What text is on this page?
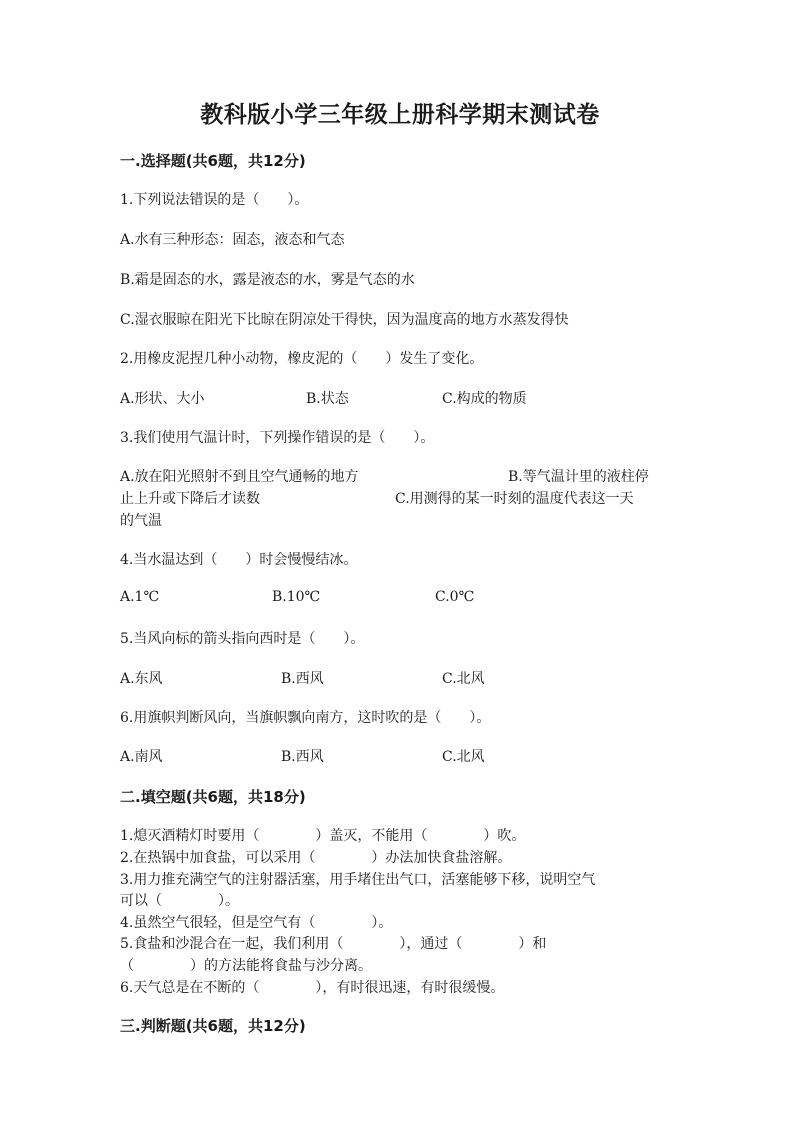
教科版小学三年级上册科学期末测试卷
一.选择题(共6题，共12分)
1.下列说法错误的是（　　）。
A.水有三种形态：固态，液态和气态
B.霜是固态的水，露是液态的水，雾是气态的水
C.湿衣服晾在阳光下比晾在阴凉处干得快，因为温度高的地方水蒸发得快
2.用橡皮泥捏几种小动物，橡皮泥的（　　）发生了变化。
A.形状、大小	B.状态	C.构成的物质
3.我们使用气温计时，下列操作错误的是（　　）。
A.放在阳光照射不到且空气通畅的地方	B.等气温计里的液柱停
止上升或下降后才读数	C.用测得的某一时刻的温度代表这一天
的气温
4.当水温达到（　　）时会慢慢结冰。
A.1℃	B.10℃	C.0℃
5.当风向标的箭头指向西时是（　　）。
A.东风	B.西风	C.北风
6.用旗帜判断风向，当旗帜飘向南方，这时吹的是（　　）。
A.南风	B.西风	C.北风
二.填空题(共6题，共18分)
1.熄灭酒精灯时要用（　　　　）盖灭，不能用（　　　　）吹。
2.在热锅中加食盐，可以采用（　　　　）办法加快食盐溶解。
3.用力推充满空气的注射器活塞，用手堵住出气口，活塞能够下移，说明空气
可以（　　　　）。
4.虽然空气很轻，但是空气有（　　　　）。
5.食盐和沙混合在一起，我们利用（　　　　），通过（　　　　）和
（　　　　）的方法能将食盐与沙分离。
6.天气总是在不断的（　　　　），有时很迅速，有时很缓慢。
三.判断题(共6题，共12分)
